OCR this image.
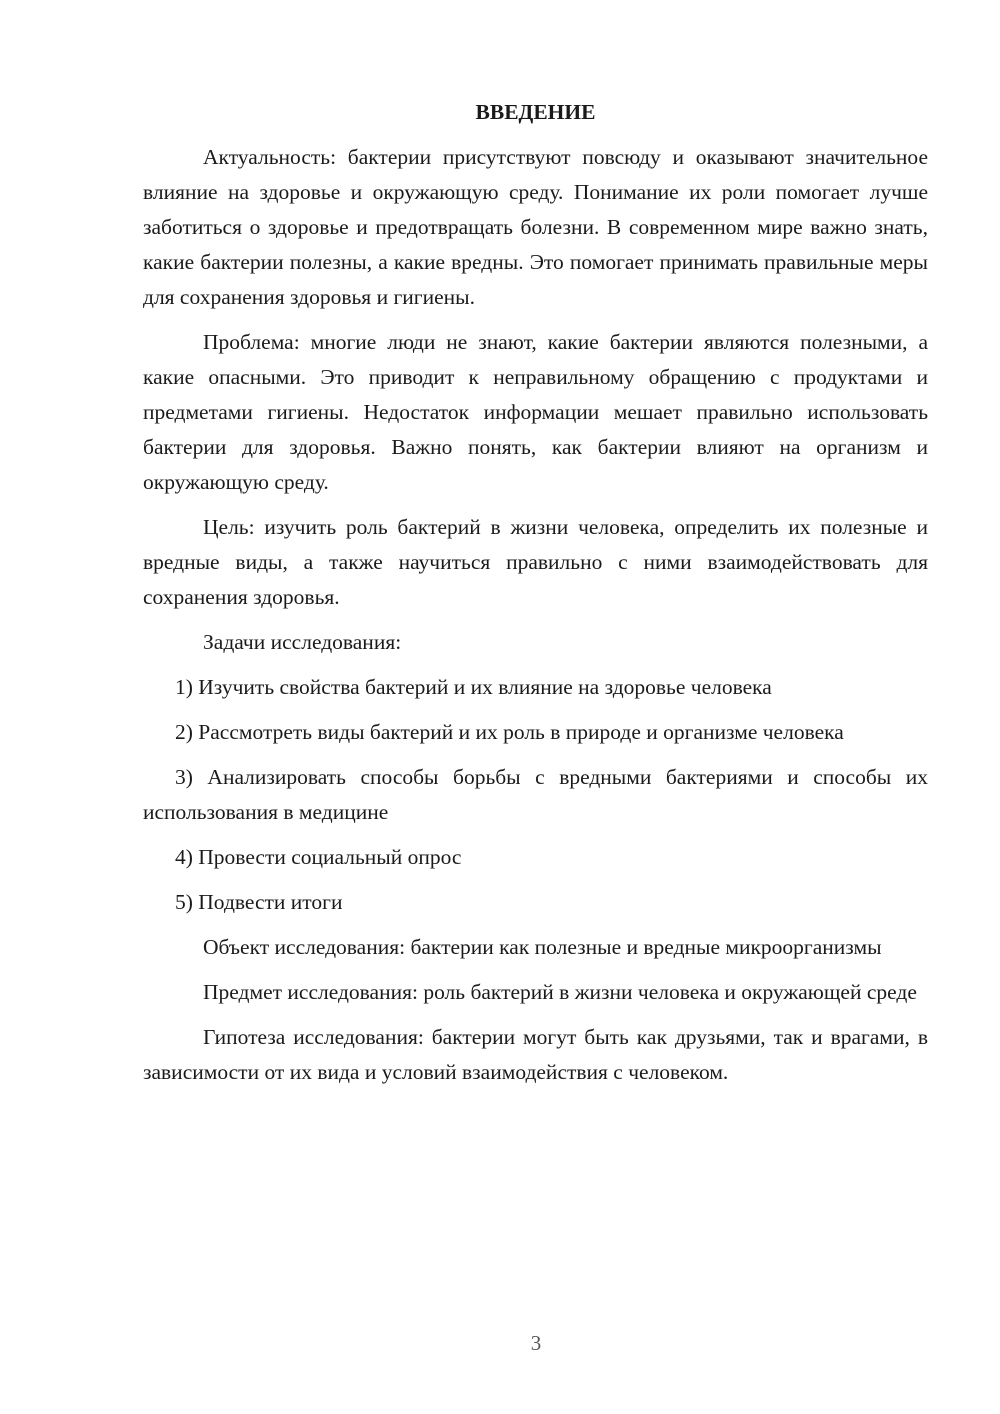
ВВЕДЕНИЕ

Актуальность: бактерии присутствуют повсюду и оказывают значительное влияние на здоровье и окружающую среду. Понимание их роли помогает лучше заботиться о здоровье и предотвращать болезни. В современном мире важно знать, какие бактерии полезны, а какие вредны. Это помогает принимать правильные меры для сохранения здоровья и гигиены.

Проблема: многие люди не знают, какие бактерии являются полезными, а какие опасными. Это приводит к неправильному обращению с продуктами и предметами гигиены. Недостаток информации мешает правильно использовать бактерии для здоровья. Важно понять, как бактерии влияют на организм и окружающую среду.

Цель: изучить роль бактерий в жизни человека, определить их полезные и вредные виды, а также научиться правильно с ними взаимодействовать для сохранения здоровья.

Задачи исследования:

1) Изучить свойства бактерий и их влияние на здоровье человека

2) Рассмотреть виды бактерий и их роль в природе и организме человека

3) Анализировать способы борьбы с вредными бактериями и способы их использования в медицине

4) Провести социальный опрос

5) Подвести итоги

Объект исследования: бактерии как полезные и вредные микроорганизмы

Предмет исследования: роль бактерий в жизни человека и окружающей среде

Гипотеза исследования: бактерии могут быть как друзьями, так и врагами, в зависимости от их вида и условий взаимодействия с человеком.

3
